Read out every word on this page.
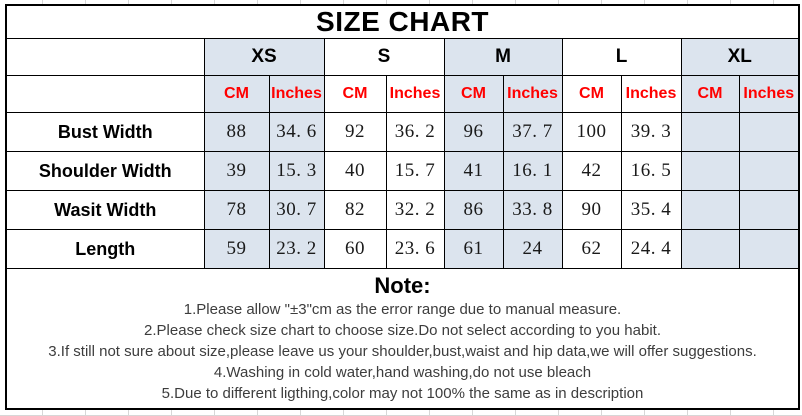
SIZE CHART										
	XS		S		M		L		XL	
	CM	Inches	CM	Inches	CM	Inches	CM	Inches	CM	Inches
Bust Width	88	34. 6	92	36. 2	96	37. 7	100	39. 3		
Shoulder Width	39	15. 3	40	15. 7	41	16. 1	42	16. 5		
Wasit Width	78	30. 7	82	32. 2	86	33. 8	90	35. 4		
Length	59	23. 2	60	23. 6	61	24	62	24. 4		

Note:
1.Please allow "±3"cm as the error range due to manual measure.
2.Please check size chart to choose size.Do not select according to you habit.
3.If still not sure about size,please leave us your shoulder,bust,waist and hip data,we will offer suggestions.
4.Washing in cold water,hand washing,do not use bleach
5.Due to different ligthing,color may not 100% the same as in description
